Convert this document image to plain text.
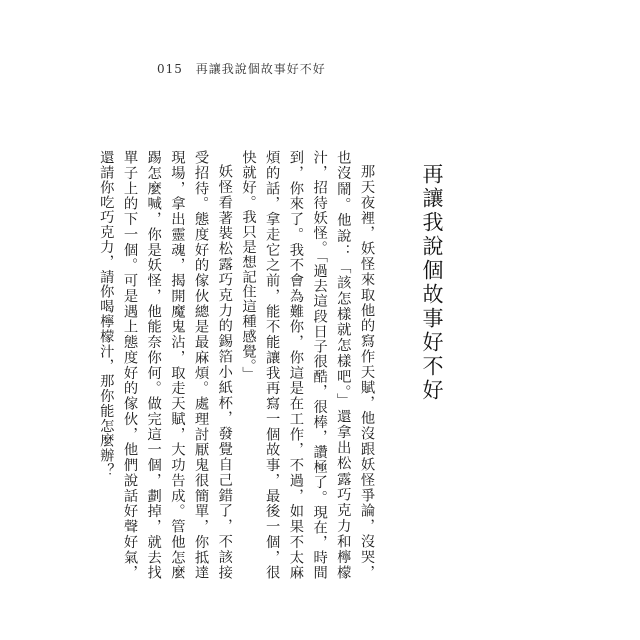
015 再讓我說個故事好不好
再讓我說個故事好不好

那天夜裡，妖怪來取他的寫作天賦，他沒跟妖怪爭論，沒哭，也沒鬧。他說：「該怎樣就怎樣吧。」還拿出松露巧克力和檸檬汁，招待妖怪。「過去這段日子很酷，很棒，讚極了。現在，時間到，你來了。我不會為難你，你這是在工作，不過，如果不太麻煩的話，拿走它之前，能不能讓我再寫一個故事，最後一個，很快就好。我只是想記住這種感覺。」

妖怪看著裝松露巧克力的錫箔小紙杯，發覺自己錯了，不該接受招待。態度好的傢伙總是最麻煩。處理討厭鬼很簡單，你抵達現場，拿出靈魂，揭開魔鬼沾，取走天賦，大功告成。管他怎麼踢怎麼喊，你是妖怪，他能奈你何。做完這一個，劃掉，就去找單子上的下一個。可是遇上態度好的傢伙，他們說話好聲好氣，還請你吃巧克力，請你喝檸檬汁，那你能怎麼辦？
